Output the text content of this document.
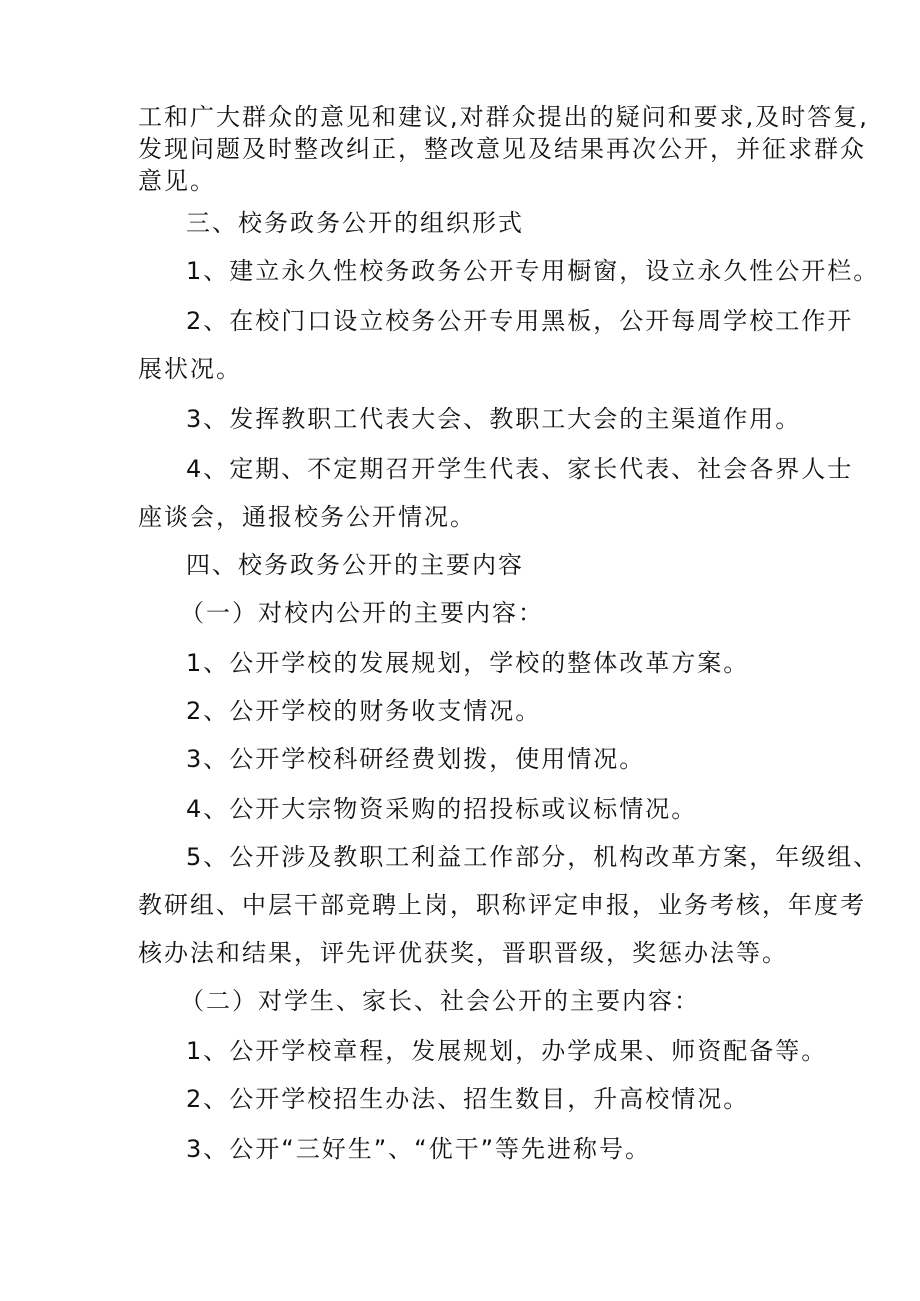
工和广大群众的意见和建议,对群众提出的疑问和要求,及时答复,
发现问题及时整改纠正，整改意见及结果再次公开，并征求群众
意见。
三、校务政务公开的组织形式
1、建立永久性校务政务公开专用橱窗，设立永久性公开栏。
2、在校门口设立校务公开专用黑板，公开每周学校工作开
展状况。
3、发挥教职工代表大会、教职工大会的主渠道作用。
4、定期、不定期召开学生代表、家长代表、社会各界人士
座谈会，通报校务公开情况。
四、校务政务公开的主要内容
（一）对校内公开的主要内容：
1、公开学校的发展规划，学校的整体改革方案。
2、公开学校的财务收支情况。
3、公开学校科研经费划拨，使用情况。
4、公开大宗物资采购的招投标或议标情况。
5、公开涉及教职工利益工作部分，机构改革方案，年级组、
教研组、中层干部竞聘上岗，职称评定申报，业务考核，年度考
核办法和结果，评先评优获奖，晋职晋级，奖惩办法等。
（二）对学生、家长、社会公开的主要内容：
1、公开学校章程，发展规划，办学成果、师资配备等。
2、公开学校招生办法、招生数目，升高校情况。
3、公开“三好生”、“优干”等先进称号。
